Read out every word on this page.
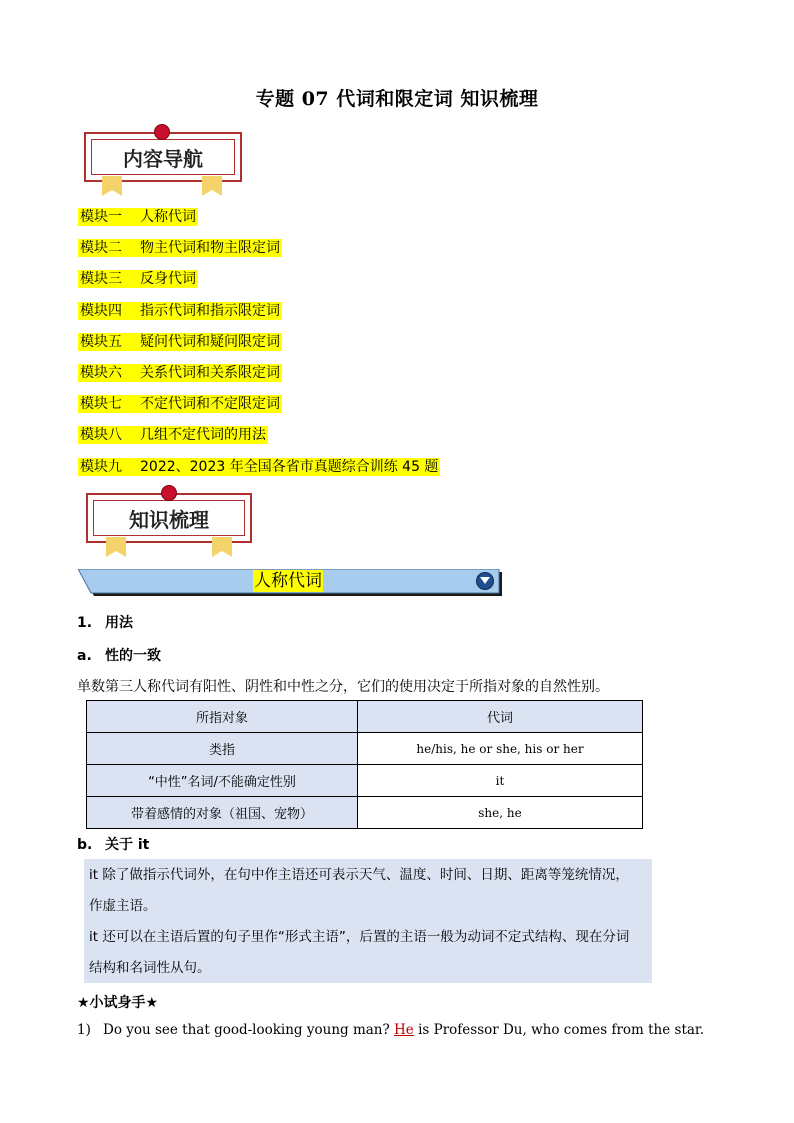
专题 07 代词和限定词 知识梳理
内容导航
模块一 人称代词
模块二 物主代词和物主限定词
模块三 反身代词
模块四 指示代词和指示限定词
模块五 疑问代词和疑问限定词
模块六 关系代词和关系限定词
模块七 不定代词和不定限定词
模块八 几组不定代词的用法
模块九 2022、2023 年全国各省市真题综合训练 45 题
知识梳理
人称代词
1. 用法
a. 性的一致
单数第三人称代词有阳性、阴性和中性之分，它们的使用决定于所指对象的自然性别。
所指对象	代词
类指	he/his, he or she, his or her
“中性”名词/不能确定性别	it
带着感情的对象（祖国、宠物）	she, he
b. 关于 it

it 除了做指示代词外，在句中作主语还可表示天气、温度、时间、日期、距离等笼统情况，

作虚主语。

it 还可以在主语后置的句子里作“形式主语”，后置的主语一般为动词不定式结构、现在分词

结构和名词性从句。

★小试身手★
1) Do you see that good-looking young man? He is Professor Du, who comes from the star.
